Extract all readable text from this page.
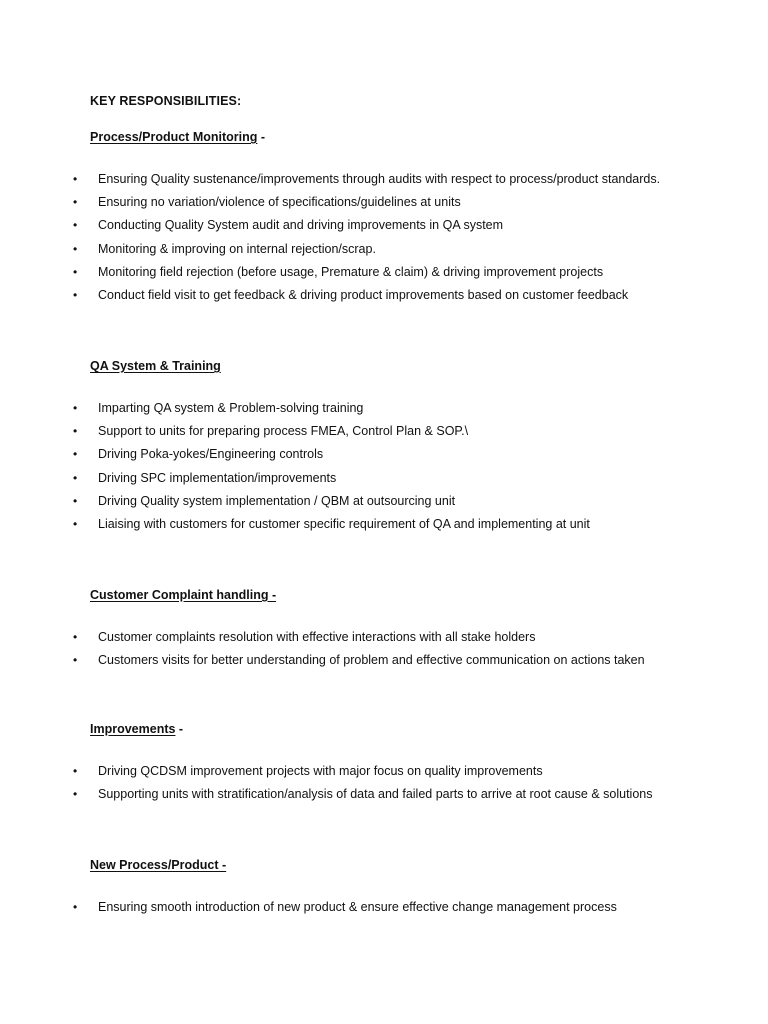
KEY RESPONSIBILITIES:
Process/Product Monitoring -
• Ensuring Quality sustenance/improvements through audits with respect to process/product standards.
• Ensuring no variation/violence of specifications/guidelines at units
• Conducting Quality System audit and driving improvements in QA system
• Monitoring & improving on internal rejection/scrap.
• Monitoring field rejection (before usage, Premature & claim) & driving improvement projects
• Conduct field visit to get feedback & driving product improvements based on customer feedback
QA System & Training
• Imparting QA system & Problem-solving training
• Support to units for preparing process FMEA, Control Plan & SOP.\
• Driving Poka-yokes/Engineering controls
• Driving SPC implementation/improvements
• Driving Quality system implementation / QBM at outsourcing unit
• Liaising with customers for customer specific requirement of QA and implementing at unit
Customer Complaint handling -
• Customer complaints resolution with effective interactions with all stake holders
• Customers visits for better understanding of problem and effective communication on actions taken
Improvements -
• Driving QCDSM improvement projects with major focus on quality improvements
• Supporting units with stratification/analysis of data and failed parts to arrive at root cause & solutions
New Process/Product -
• Ensuring smooth introduction of new product & ensure effective change management process
